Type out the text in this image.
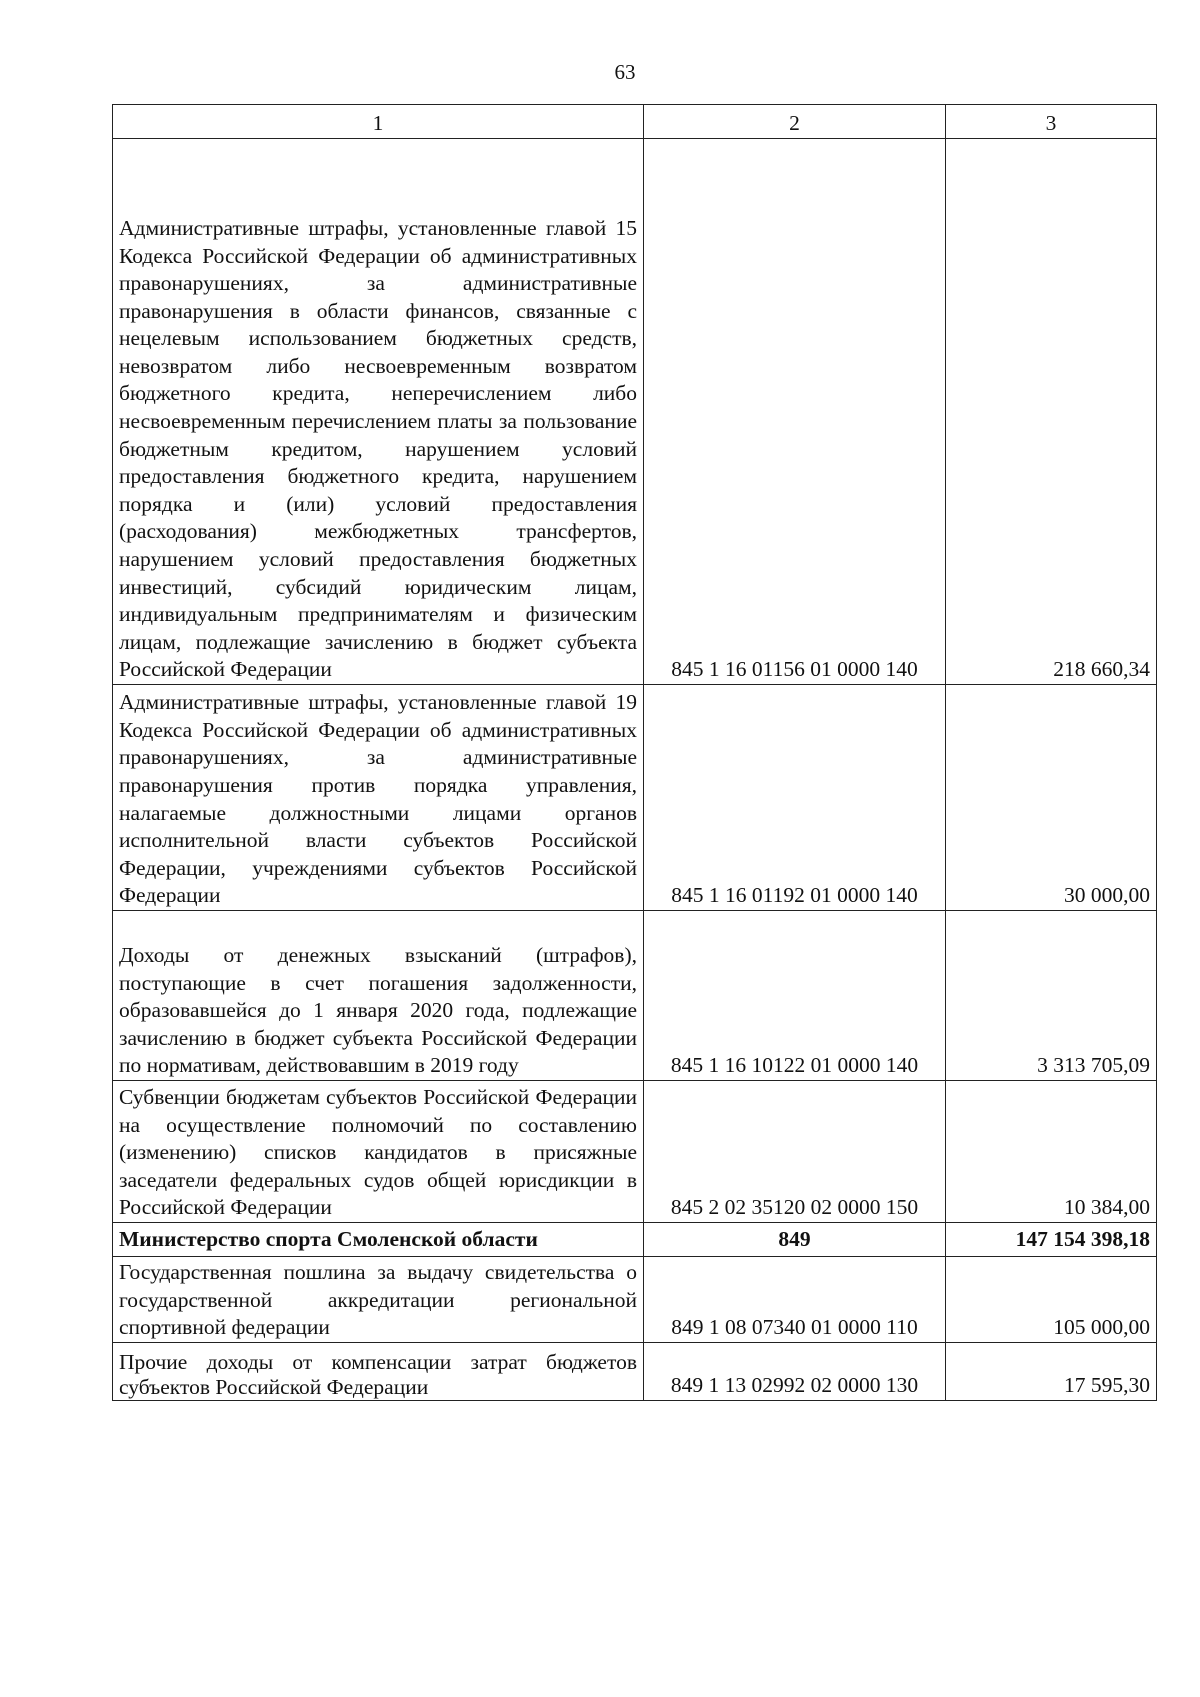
63
1	2	3
Административные штрафы, установленные главой 15 Кодекса Российской Федерации об административных правонарушениях, за административные правонарушения в области финансов, связанные с нецелевым использованием бюджетных средств, невозвратом либо несвоевременным возвратом бюджетного кредита, неперечислением либо несвоевременным перечислением платы за пользование бюджетным кредитом, нарушением условий предоставления бюджетного кредита, нарушением порядка и (или) условий предоставления (расходования) межбюджетных трансфертов, нарушением условий предоставления бюджетных инвестиций, субсидий юридическим лицам, индивидуальным предпринимателям и физическим лицам, подлежащие зачислению в бюджет субъекта Российской Федерации	845 1 16 01156 01 0000 140	218 660,34
Административные штрафы, установленные главой 19 Кодекса Российской Федерации об административных правонарушениях, за административные правонарушения против порядка управления, налагаемые должностными лицами органов исполнительной власти субъектов Российской Федерации, учреждениями субъектов Российской Федерации	845 1 16 01192 01 0000 140	30 000,00
Доходы от денежных взысканий (штрафов), поступающие в счет погашения задолженности, образовавшейся до 1 января 2020 года, подлежащие зачислению в бюджет субъекта Российской Федерации по нормативам, действовавшим в 2019 году	845 1 16 10122 01 0000 140	3 313 705,09
Субвенции бюджетам субъектов Российской Федерации на осуществление полномочий по составлению (изменению) списков кандидатов в присяжные заседатели федеральных судов общей юрисдикции в Российской Федерации	845 2 02 35120 02 0000 150	10 384,00
Министерство спорта Смоленской области	849	147 154 398,18
Государственная пошлина за выдачу свидетельства о государственной аккредитации региональной спортивной федерации	849 1 08 07340 01 0000 110	105 000,00
Прочие доходы от компенсации затрат бюджетов субъектов Российской Федерации	849 1 13 02992 02 0000 130	17 595,30
